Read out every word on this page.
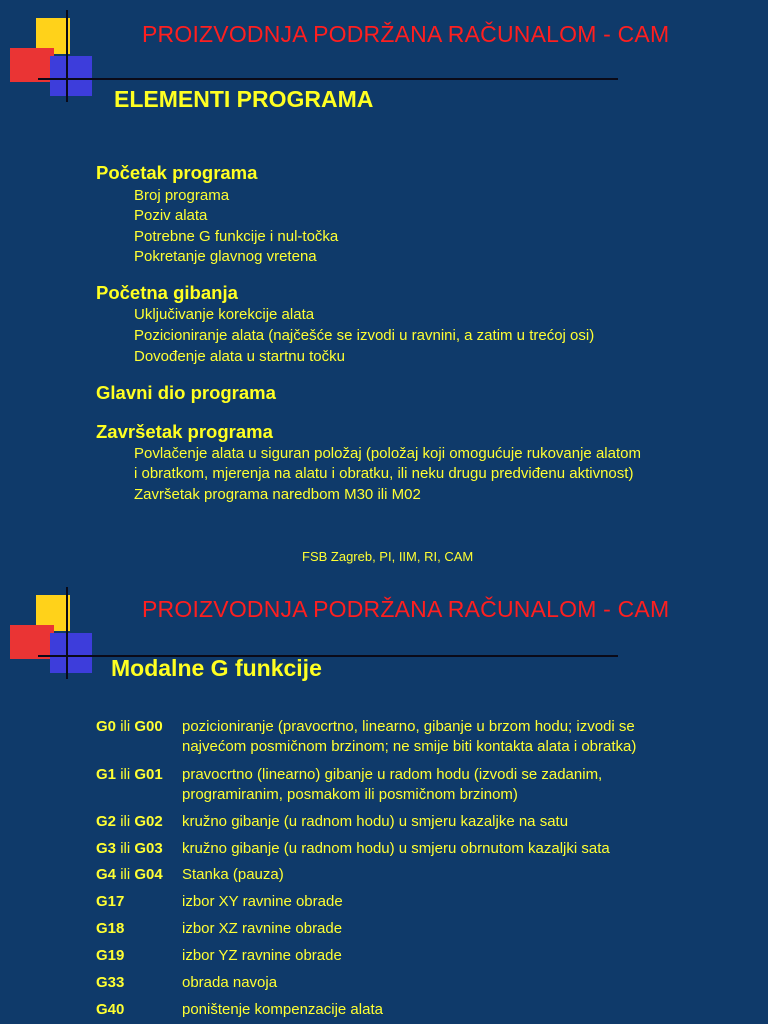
PROIZVODNJA PODRŽANA RAČUNALOM - CAM
ELEMENTI PROGRAMA
Početak programa
Broj programa
Poziv alata
Potrebne G funkcije i nul-točka
Pokretanje glavnog vretena
Početna gibanja
Uključivanje korekcije alata
Pozicioniranje alata (najčešće se izvodi u ravnini, a zatim u trećoj osi)
Dovođenje alata u startnu točku
Glavni dio programa
Završetak programa
Povlačenje alata u siguran položaj (položaj koji omogućuje rukovanje alatom
i obratkom, mjerenja na alatu i obratku, ili neku drugu predviđenu aktivnost)
Završetak programa naredbom M30 ili M02
FSB Zagreb, PI, IIM, RI, CAM
PROIZVODNJA PODRŽANA RAČUNALOM - CAM
Modalne G funkcije
G0 ili G00 pozicioniranje (pravocrtno, linearno, gibanje u brzom hodu; izvodi se
najvećom posmičnom brzinom; ne smije biti kontakta alata i obratka)
G1 ili G01 pravocrtno (linearno) gibanje u radom hodu (izvodi se zadanim,
programiranim, posmakom ili posmičnom brzinom)
G2 ili G02 kružno gibanje (u radnom hodu) u smjeru kazaljke na satu
G3 ili G03 kružno gibanje (u radnom hodu) u smjeru obrnutom kazaljki sata
G4 ili G04 Stanka (pauza)
G17	izbor XY ravnine obrade
G18	izbor XZ ravnine obrade
G19	izbor YZ ravnine obrade
G33	obrada navoja
G40	poništenje kompenzacije alata
